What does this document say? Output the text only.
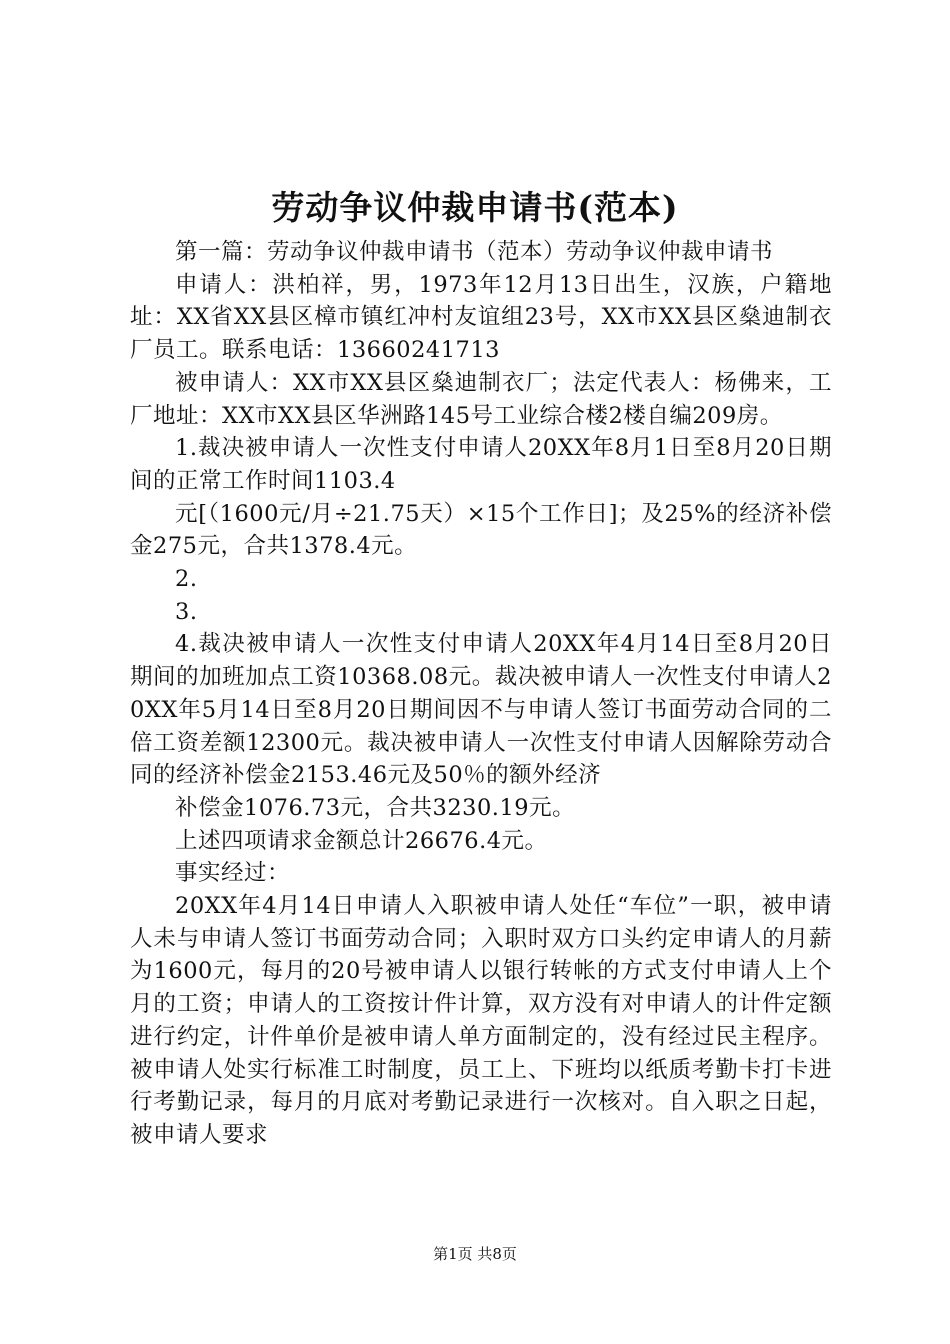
劳动争议仲裁申请书(范本)

第一篇：劳动争议仲裁申请书（范本）劳动争议仲裁申请书

申请人：洪柏祥，男，1973年12月13日出生，汉族，户籍地址：XX省XX县区樟市镇红冲村友谊组23号，XX市XX县区燊迪制衣厂员工。联系电话：13660241713

被申请人：XX市XX县区燊迪制衣厂；法定代表人：杨佛来，工厂地址：XX市XX县区华洲路145号工业综合楼2楼自编209房。

1.裁决被申请人一次性支付申请人20XX年8月1日至8月20日期间的正常工作时间1103.4

元[（1600元/月÷21.75天）×15个工作日]；及25%的经济补偿金275元，合共1378.4元。

2.

3.

4.裁决被申请人一次性支付申请人20XX年4月14日至8月20日期间的加班加点工资10368.08元。裁决被申请人一次性支付申请人20XX年5月14日至8月20日期间因不与申请人签订书面劳动合同的二倍工资差额12300元。裁决被申请人一次性支付申请人因解除劳动合同的经济补偿金2153.46元及50％的额外经济

补偿金1076.73元，合共3230.19元。

上述四项请求金额总计26676.4元。

事实经过：

20XX年4月14日申请人入职被申请人处任“车位”一职，被申请人未与申请人签订书面劳动合同；入职时双方口头约定申请人的月薪为1600元，每月的20号被申请人以银行转帐的方式支付申请人上个月的工资；申请人的工资按计件计算，双方没有对申请人的计件定额进行约定，计件单价是被申请人单方面制定的，没有经过民主程序。被申请人处实行标准工时制度，员工上、下班均以纸质考勤卡打卡进行考勤记录，每月的月底对考勤记录进行一次核对。自入职之日起，被申请人要求

第1页 共8页
